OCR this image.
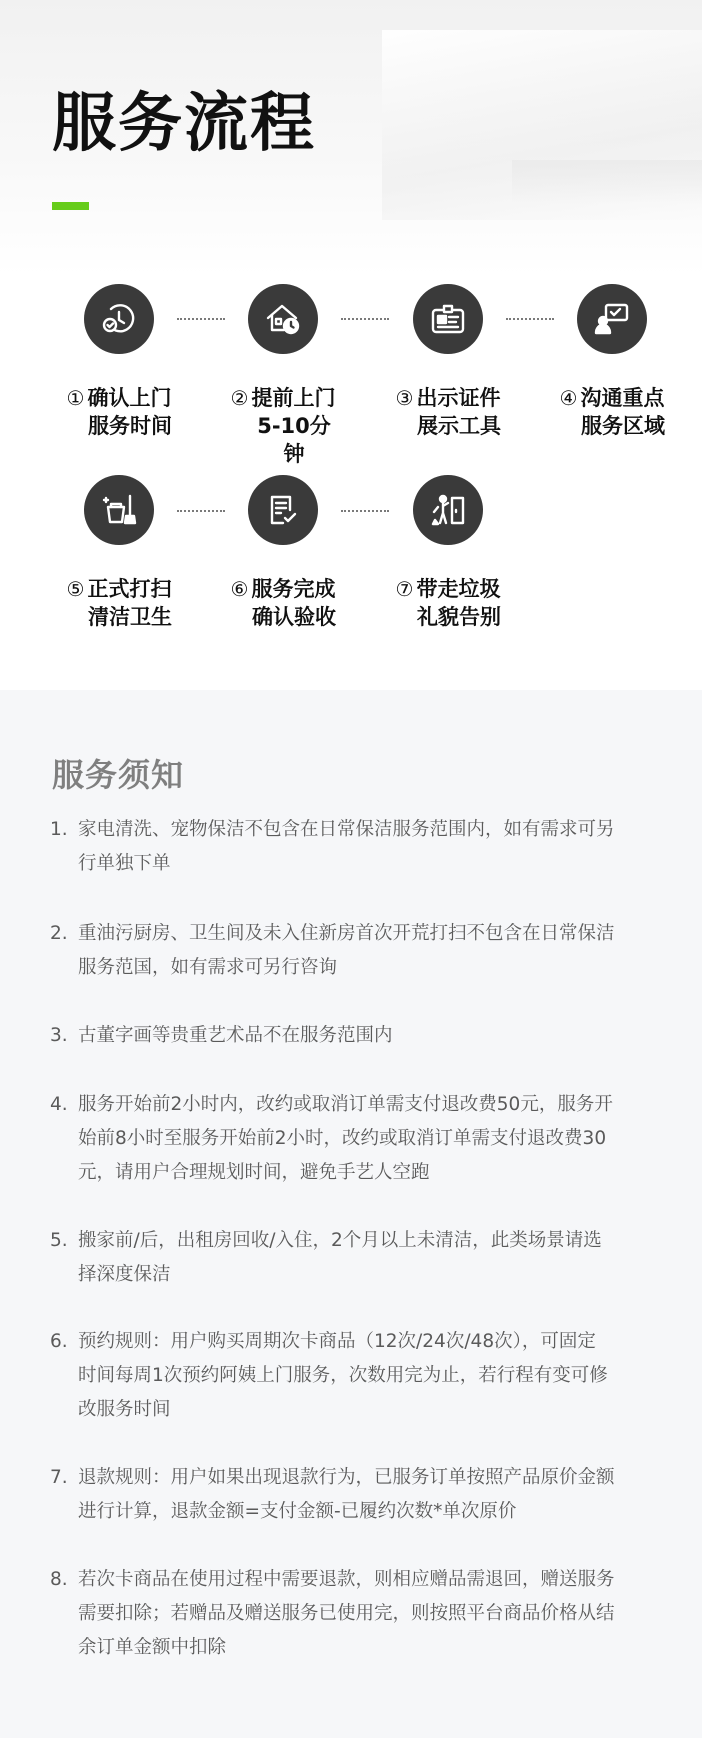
服务流程
① 确认上门
服务时间
② 提前上门
5-10分
钟
③ 出示证件
展示工具
④ 沟通重点
服务区域
⑤ 正式打扫
清洁卫生
⑥ 服务完成
确认验收
⑦ 带走垃圾
礼貌告别
服务须知
1. 家电清洗、宠物保洁不包含在日常保洁服务范围内，如有需求可另
行单独下单
2. 重油污厨房、卫生间及未入住新房首次开荒打扫不包含在日常保洁
服务范国，如有需求可另行咨询
3. 古董字画等贵重艺术品不在服务范围内
4. 服务开始前2小时内，改约或取消订单需支付退改费50元，服务开
始前8小时至服务开始前2小时，改约或取消订单需支付退改费30
元，请用户合理规划时间，避免手艺人空跑
5. 搬家前/后，出租房回收/入住，2个月以上未清洁，此类场景请选
择深度保洁
6. 预约规则：用户购买周期次卡商品（12次/24次/48次），可固定
时间每周1次预约阿姨上门服务，次数用完为止，若行程有变可修
改服务时间
7. 退款规则：用户如果出现退款行为，已服务订单按照产品原价金额
进行计算，退款金额=支付金额-已履约次数*单次原价
8. 若次卡商品在使用过程中需要退款，则相应赠品需退回，赠送服务
需要扣除；若赠品及赠送服务已使用完，则按照平台商品价格从结
余订单金额中扣除
